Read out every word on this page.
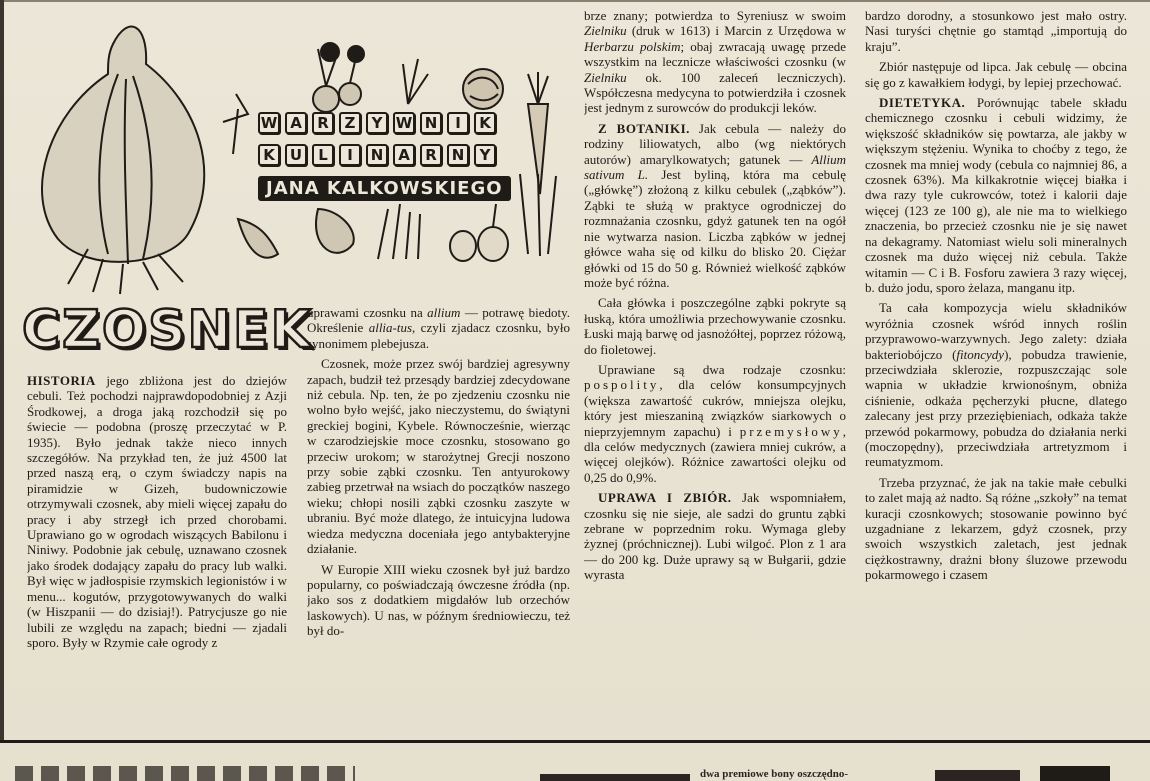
W A	R	Z	Y W N	I	K
K	U	L	I	N A	R N	Y
JANA KALKOWSKIEGO
CZOSNEK

HISTORIA jego zbliżona jest do dziejów cebuli. Też pochodzi najprawdopodobniej z Azji Środkowej, a droga jaką rozchodził się po świecie — podobna (proszę przeczytać w P. 1935). Było jednak także nieco innych szczegółów. Na przykład ten, że już 4500 lat przed naszą erą, o czym świadczy napis na piramidzie w Gizeh, budowniczowie otrzymywali czosnek, aby mieli więcej zapału do pracy i aby strzegł ich przed chorobami. Uprawiano go w ogrodach wiszących Babilonu i Niniwy. Podobnie jak cebulę, uznawano czosnek jako środek dodający zapału do pracy lub walki. Był więc w jadłospisie rzymskich legionistów i w menu... kogutów, przygotowywanych do walki (w Hiszpanii — do dzisiaj!). Patrycjusze go nie lubili ze względu na zapach; biedni — zjadali sporo. Były w Rzymie całe ogrody z

uprawami czosnku na allium — potrawę biedoty. Określenie allia-tus, czyli zjadacz czosnku, było synonimem plebejusza.

Czosnek, może przez swój bardziej agresywny zapach, budził też przesądy bardziej zdecydowane niż cebula. Np. ten, że po zjedzeniu czosnku nie wolno było wejść, jako nieczystemu, do świątyni greckiej bogini, Kybele. Równocześnie, wierząc w czarodziejskie moce czosnku, stosowano go przeciw urokom; w starożytnej Grecji noszono przy sobie ząbki czosnku. Ten antyurokowy zabieg przetrwał na wsiach do początków naszego wieku; chłopi nosili ząbki czosnku zaszyte w ubraniu. Być może dlatego, że intuicyjna ludowa wiedza medyczna doceniała jego antybakteryjne działanie.

W Europie XIII wieku czosnek był już bardzo popularny, co poświadczają ówczesne źródła (np. jako sos z dodatkiem migdałów lub orzechów laskowych). U nas, w późnym średniowieczu, też był do-

brze znany; potwierdza to Syreniusz w swoim Zielniku (druk w 1613) i Marcin z Urzędowa w Herbarzu polskim; obaj zwracają uwagę przede wszystkim na lecznicze właściwości czosnku (w Zielniku ok. 100 zaleceń leczniczych). Współczesna medycyna to potwierdziła i czosnek jest jednym z surowców do produkcji leków.

Z BOTANIKI. Jak cebula — należy do rodziny liliowatych, albo (wg niektórych autorów) amarylkowatych; gatunek — Allium sativum L. Jest byliną, która ma cebulę („główkę”) złożoną z kilku cebulek („ząbków”). Ząbki te służą w praktyce ogrodniczej do rozmnażania czosnku, gdyż gatunek ten na ogół nie wytwarza nasion. Liczba ząbków w jednej główce waha się od kilku do blisko 20. Ciężar główki od 15 do 50 g. Również wielkość ząbków może być różna.

Cała główka i poszczególne ząbki pokryte są łuską, która umożliwia przechowywanie czosnku. Łuski mają barwę od jasnożółtej, poprzez różową, do fioletowej.

Uprawiane są dwa rodzaje czosnku: pospolity, dla celów konsumpcyjnych (większa zawartość cukrów, mniejsza olejku, który jest mieszaniną związków siarkowych o nieprzyjemnym zapachu) i przemysłowy, dla celów medycznych (zawiera mniej cukrów, a więcej olejków). Różnice zawartości olejku od 0,25 do 0,9%.

UPRAWA I ZBIÓR. Jak wspomniałem, czosnku się nie sieje, ale sadzi do gruntu ząbki zebrane w poprzednim roku. Wymaga gleby żyznej (próchnicznej). Lubi wilgoć. Plon z 1 ara — do 200 kg. Duże uprawy są w Bułgarii, gdzie wyrasta

bardzo dorodny, a stosunkowo jest mało ostry. Nasi turyści chętnie go stamtąd „importują do kraju”.

Zbiór następuje od lipca. Jak cebulę — obcina się go z kawałkiem łodygi, by lepiej przechować.

DIETETYKA. Porównując tabele składu chemicznego czosnku i cebuli widzimy, że większość składników się powtarza, ale jakby w większym stężeniu. Wynika to choćby z tego, że czosnek ma mniej wody (cebula co najmniej 86, a czosnek 63%). Ma kilkakrotnie więcej białka i dwa razy tyle cukrowców, toteż i kalorii daje więcej (123 ze 100 g), ale nie ma to wielkiego znaczenia, bo przecież czosnku nie je się nawet na dekagramy. Natomiast wielu soli mineralnych czosnek ma dużo więcej niż cebula. Także witamin — C i B. Fosforu zawiera 3 razy więcej, b. dużo jodu, sporo żelaza, manganu itp.

Ta cała kompozycja wielu składników wyróżnia czosnek wśród innych roślin przyprawowo-warzywnych. Jego zalety: działa bakteriobójczo (fitoncydy), pobudza trawienie, przeciwdziała sklerozie, rozpuszczając sole wapnia w układzie krwionośnym, obniża ciśnienie, odkaża pęcherzyki płucne, dlatego zalecany jest przy przeziębieniach, odkaża także przewód pokarmowy, pobudza do działania nerki (moczopędny), przeciwdziała artretyzmom i reumatyzmom.

Trzeba przyznać, że jak na takie małe cebulki to zalet mają aż nadto. Są różne „szkoły” na temat kuracji czosnkowych; stosowanie powinno być uzgadniane z lekarzem, gdyż czosnek, przy swoich wszystkich zaletach, jest jednak ciężkostrawny, drażni błony śluzowe przewodu pokarmowego i czasem

dwa premiowe bony oszczędno-
